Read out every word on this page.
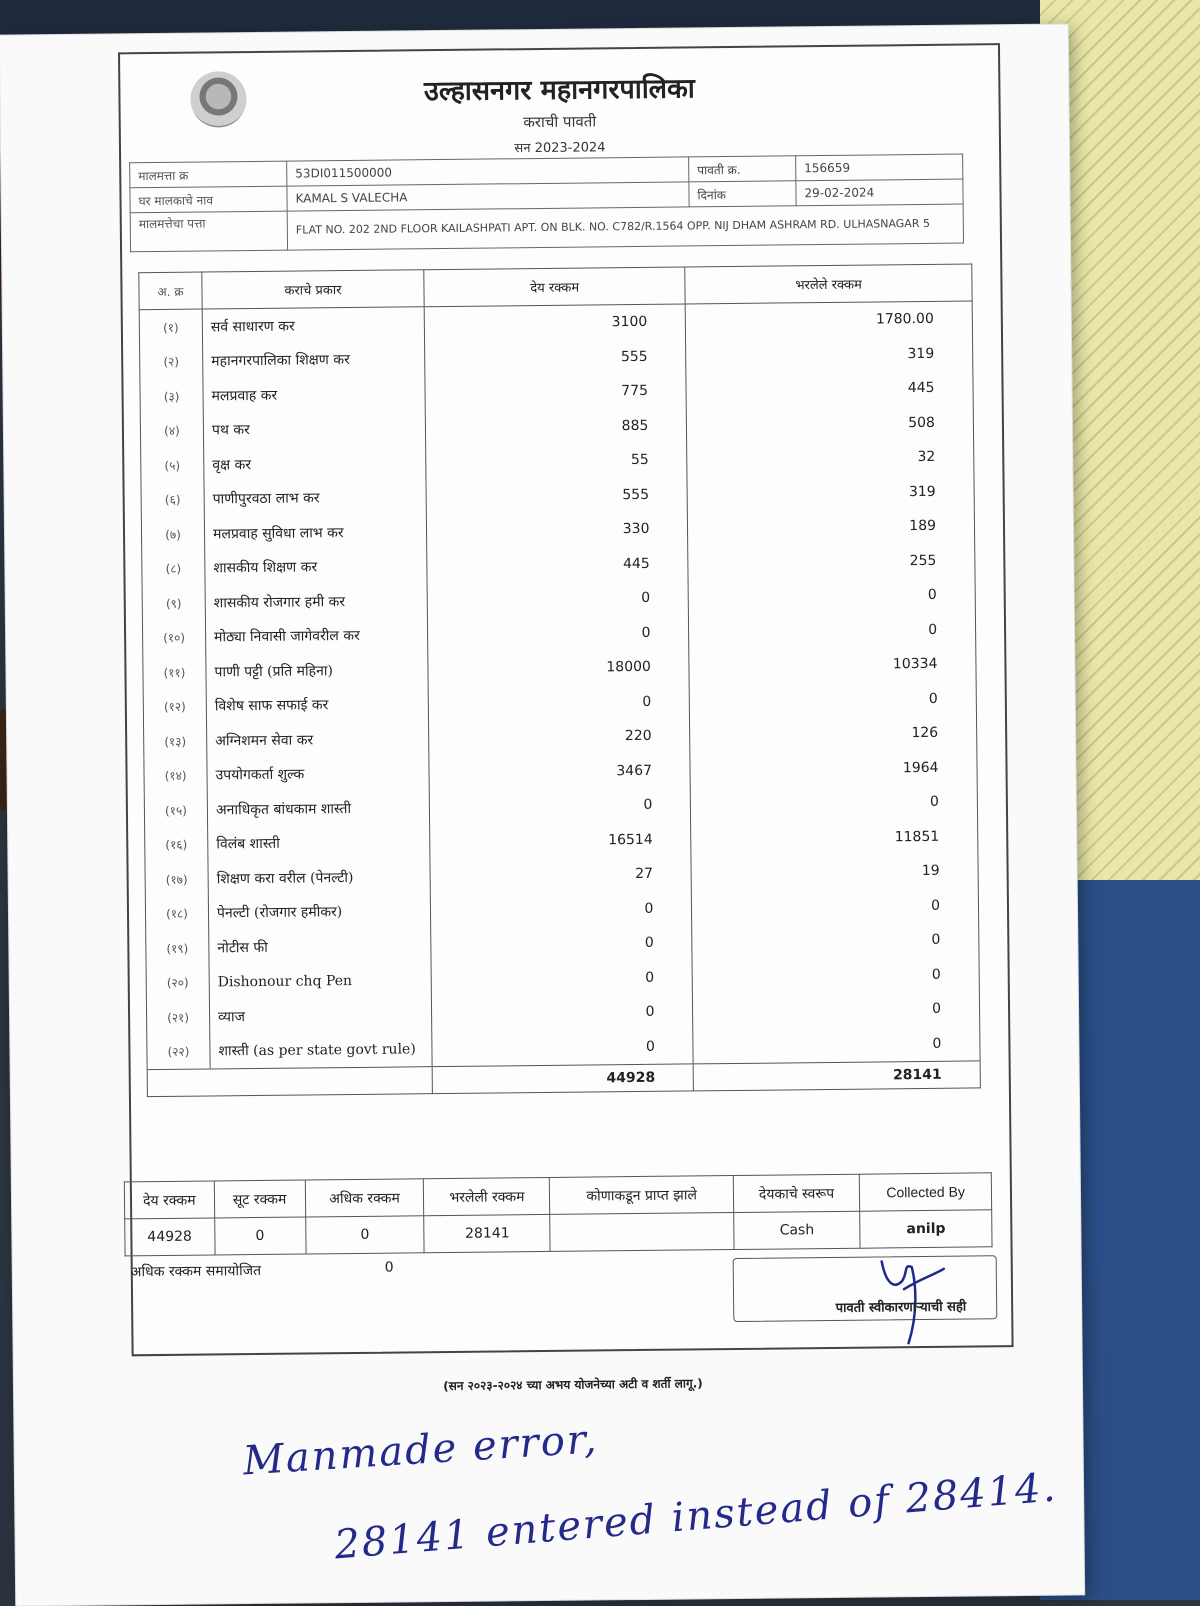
उल्हासनगर महानगरपालिका
कराची पावती
सन 2023-2024
मालमत्ता क्र	53DI011500000	पावती क्र.	156659
घर मालकाचे नाव	KAMAL S VALECHA	दिनांक	29-02-2024
मालमत्तेचा पत्ता	FLAT NO. 202 2ND FLOOR KAILASHPATI APT. ON BLK. NO. C782/R.1564 OPP. NIJ DHAM ASHRAM RD. ULHASNAGAR 5		
अ. क्र	कराचे प्रकार	देय रक्कम	भरलेले रक्कम
(१)	सर्व साधारण कर	3100	1780.00
(२)	महानगरपालिका शिक्षण कर	555	319
(३)	मलप्रवाह कर	775	445
(४)	पथ कर	885	508
(५)	वृक्ष कर	55	32
(६)	पाणीपुरवठा लाभ कर	555	319
(७)	मलप्रवाह सुविधा लाभ कर	330	189
(८)	शासकीय शिक्षण कर	445	255
(९)	शासकीय रोजगार हमी कर	0	0
(१०)	मोठ्या निवासी जागेवरील कर	0	0
(११)	पाणी पट्टी (प्रति महिना)	18000	10334
(१२)	विशेष साफ सफाई कर	0	0
(१३)	अग्निशमन सेवा कर	220	126
(१४)	उपयोगकर्ता शुल्क	3467	1964
(१५)	अनाधिकृत बांधकाम शास्ती	0	0
(१६)	विलंब शास्ती	16514	11851
(१७)	शिक्षण करा वरील (पेनल्टी)	27	19
(१८)	पेनल्टी (रोजगार हमीकर)	0	0
(१९)	नोटीस फी	0	0
(२०)	Dishonour chq Pen	0	0
(२१)	व्याज	0	0
(२२)	शास्ती (as per state govt rule)	0	0
		44928	28141
देय रक्कम	सूट रक्कम	अधिक रक्कम	भरलेली रक्कम	कोणाकडून प्राप्त झाले	देयकाचे स्वरूप	Collected By
44928	0	0	28141		Cash	anilp
अधिक रक्कम समायोजित	0
पावती स्वीकारणाऱ्याची सही
(सन २०२३-२०२४ च्या अभय योजनेच्या अटी व शर्ती लागू.)
Manmade error,
28141 entered instead of 28414.
